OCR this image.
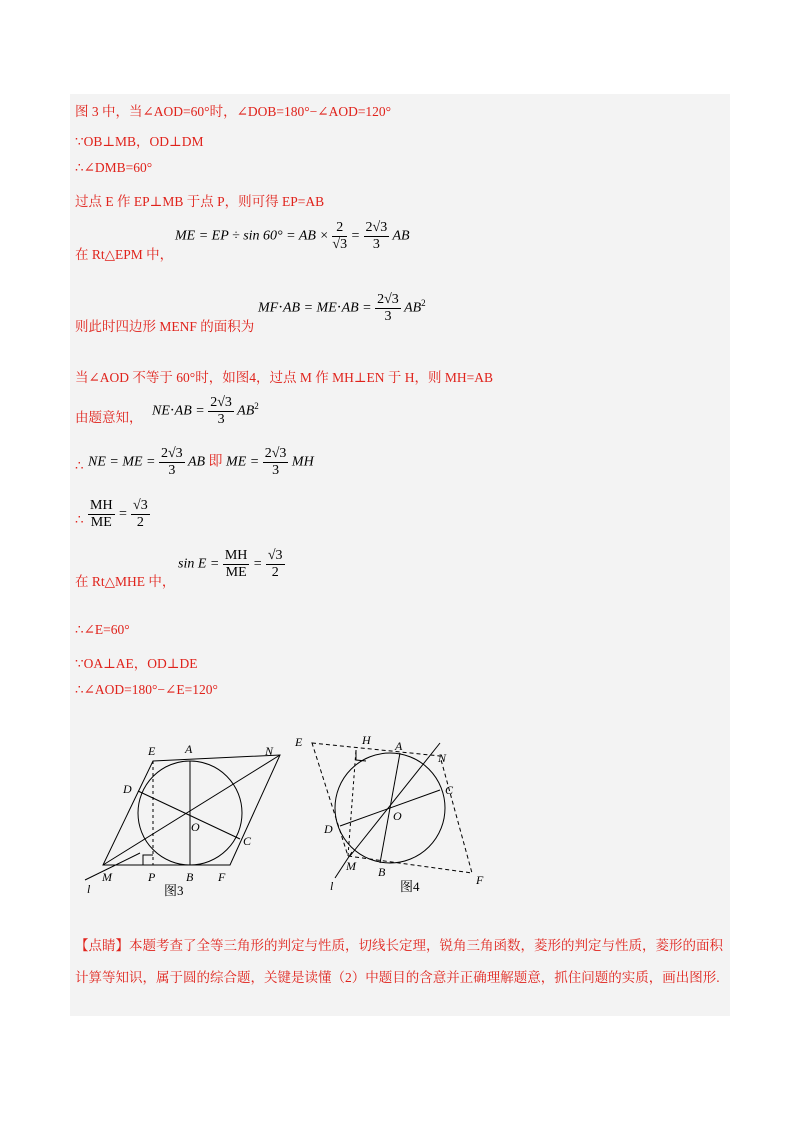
图 3 中，当∠AOD=60°时，∠DOB=180°−∠AOD=120°
∵OB⊥MB，OD⊥DM
∴∠DMB=60°
过点 E 作 EP⊥MB 于点 P，则可得 EP=AB
在 Rt△EPM 中，
ME = EP ÷ sin 60° = AB × $\frac{2}{√3} = \frac{2√3}{3}$ AB
则此时四边形 MENF 的面积为
$MF\cdot AB = ME\cdot AB = \frac{2√3}{3} AB^2$
当∠AOD 不等于 60°时，如图4，过点 M 作 MH⊥EN 于 H，则 MH=AB
由题意知， $NE\cdot AB = \frac{2√3}{3} AB^2$
∴ NE = ME = $\frac{2√3}{3}$ AB 即 ME = $\frac{2√3}{3}$ MH
∴ $\frac{MH}{ME} = \frac{√3}{2}$
在 Rt△MHE 中，
$\sin E = \frac{MH}{ME} = \frac{√3}{2}$
∴∠E=60°
∵OA⊥AE，OD⊥DE
∴∠AOD=180°−∠E=120°
E A	N
D
O
C
M	P	B F
l	图3
E	H A
N
C
O
D
M B
F
l	图4
【点睛】本题考查了全等三角形的判定与性质，切线长定理，锐角三角函数，菱形的判定与性质，菱形的面积计算等知识，属于圆的综合题，关键是读懂（2）中题目的含意并正确理解题意，抓住问题的实质，画出图形.
